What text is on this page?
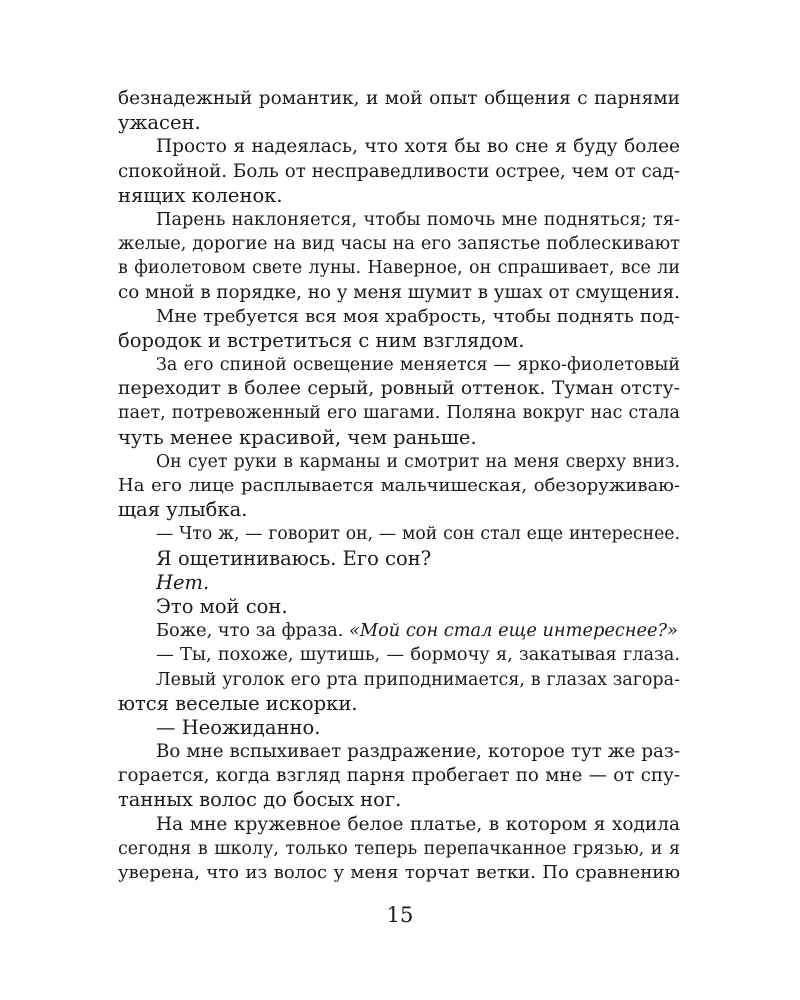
безнадежный романтик, и мой опыт общения с парнями
ужасен.
Просто я надеялась, что хотя бы во сне я буду более
спокойной. Боль от несправедливости острее, чем от сад-
нящих коленок.
Парень наклоняется, чтобы помочь мне подняться; тя-
желые, дорогие на вид часы на его запястье поблескивают
в фиолетовом свете луны. Наверное, он спрашивает, все ли
со мной в порядке, но у меня шумит в ушах от смущения.
Мне требуется вся моя храбрость, чтобы поднять под-
бородок и встретиться с ним взглядом.
За его спиной освещение меняется — ярко-фиолетовый
переходит в более серый, ровный оттенок. Туман отсту-
пает, потревоженный его шагами. Поляна вокруг нас стала
чуть менее красивой, чем раньше.
Он сует руки в карманы и смотрит на меня сверху вниз.
На его лице расплывается мальчишеская, обезоруживаю-
щая улыбка.
— Что ж, — говорит он, — мой сон стал еще интереснее.
Я ощетиниваюсь. Его сон?
Нет.
Это мой сон.
Боже, что за фраза. «Мой сон стал еще интереснее?»
— Ты, похоже, шутишь, — бормочу я, закатывая глаза.
Левый уголок его рта приподнимается, в глазах загора-
ются веселые искорки.
— Неожиданно.
Во мне вспыхивает раздражение, которое тут же раз-
горается, когда взгляд парня пробегает по мне — от спу-
танных волос до босых ног.
На мне кружевное белое платье, в котором я ходила
сегодня в школу, только теперь перепачканное грязью, и я
уверена, что из волос у меня торчат ветки. По сравнению
15
